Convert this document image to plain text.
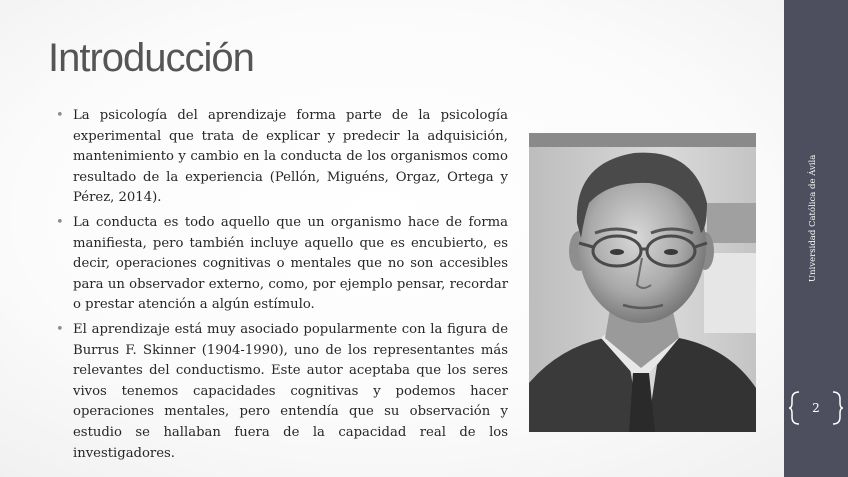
Introducción
• La psicología del aprendizaje forma parte de la psicología experimental que trata de explicar y predecir la adquisición, mantenimiento y cambio en la conducta de los organismos como resultado de la experiencia (Pellón, Miguéns, Orgaz, Ortega y Pérez, 2014).
• La conducta es todo aquello que un organismo hace de forma manifiesta, pero también incluye aquello que es encubierto, es decir, operaciones cognitivas o mentales que no son accesibles para un observador externo, como, por ejemplo pensar, recordar o prestar atención a algún estímulo.
• El aprendizaje está muy asociado popularmente con la figura de Burrus F. Skinner (1904-1990), uno de los representantes más relevantes del conductismo. Este autor aceptaba que los seres vivos tenemos capacidades cognitivas y podemos hacer operaciones mentales, pero entendía que su observación y estudio se hallaban fuera de la capacidad real de los investigadores.
2
